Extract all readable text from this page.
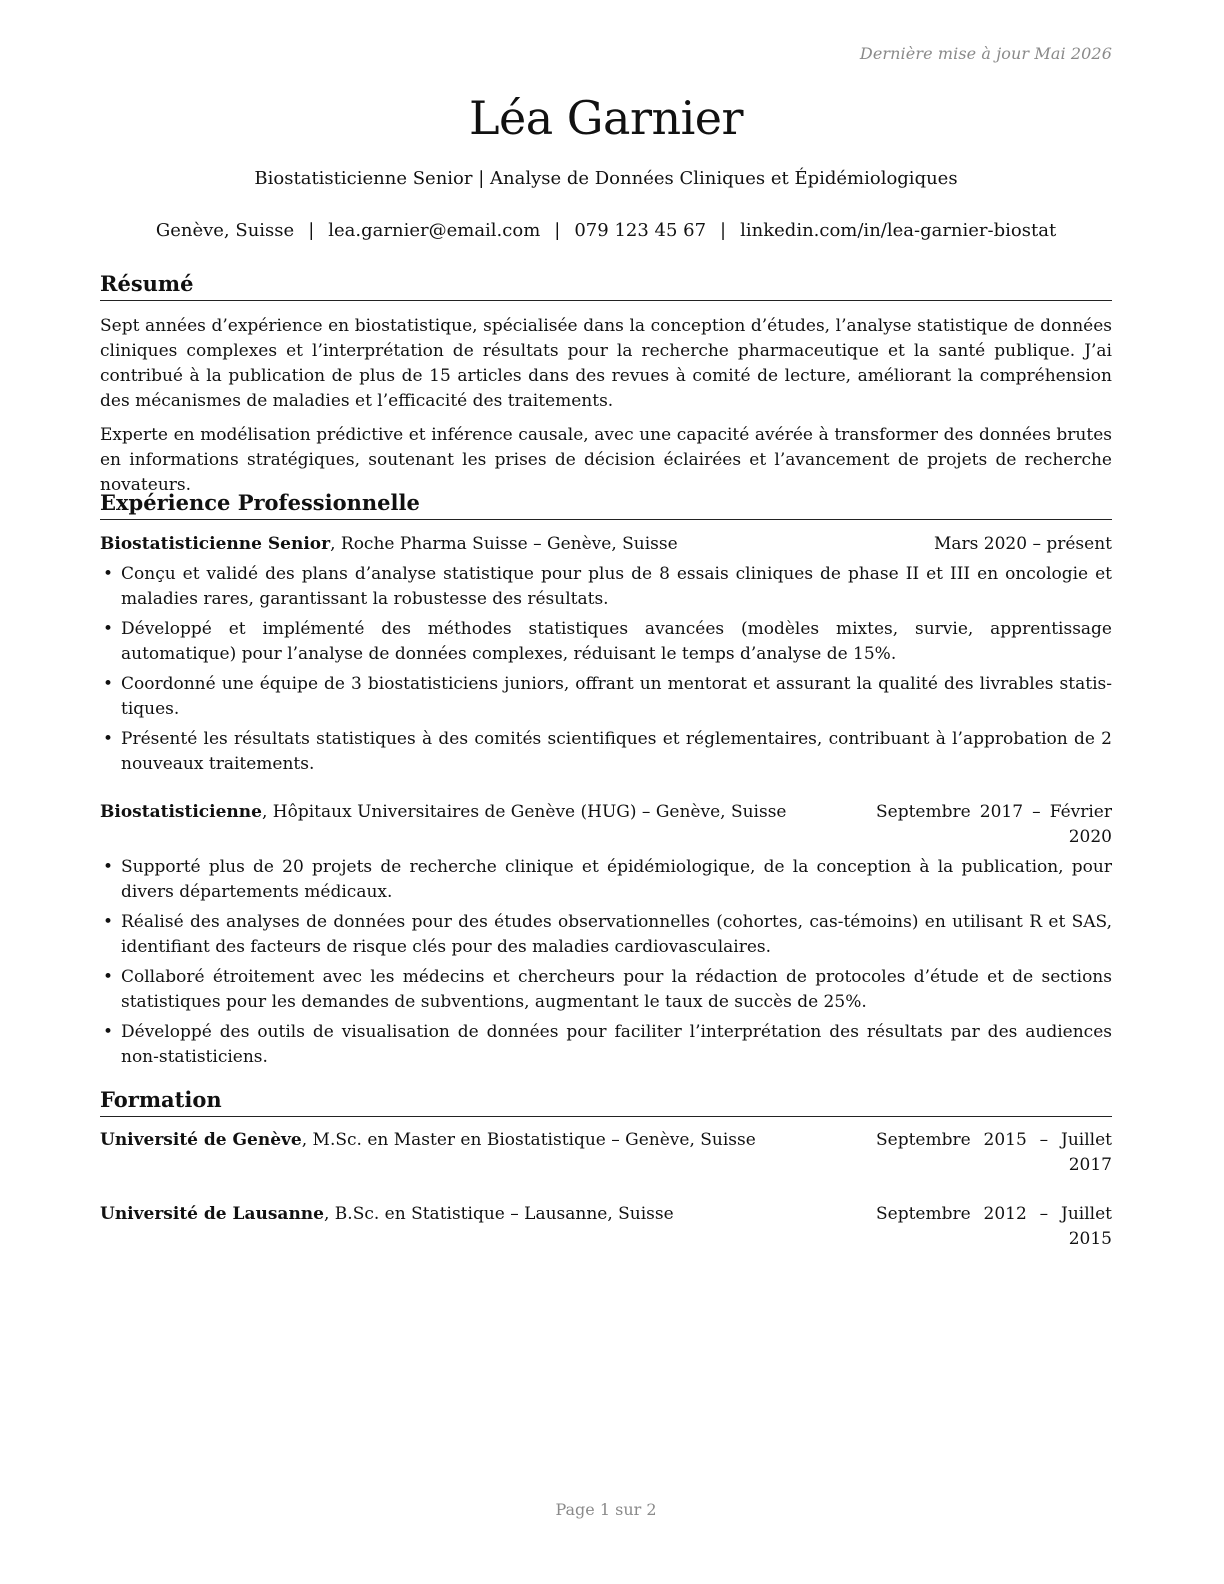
Dernière mise à jour Mai 2026
Léa Garnier
Biostatisticienne Senior | Analyse de Données Cliniques et Épidémiologiques
Genève, Suisse | lea.garnier@email.com | 079 123 45 67 | linkedin.com/in/lea-garnier-biostat
Résumé

Sept années d’expérience en biostatistique, spécialisée dans la conception d’études, l’analyse statistique de données cliniques complexes et l’interprétation de résultats pour la recherche pharmaceutique et la santé publique. J’ai contribué à la publication de plus de 15 articles dans des revues à comité de lecture, améliorant la compréhension des mécanismes de maladies et l’efficacité des traitements.

Experte en modélisation prédictive et inférence causale, avec une capacité avérée à transformer des données brutes en informations stratégiques, soutenant les prises de décision éclairées et l’avancement de projets de recherche novateurs.

Expérience Professionnelle
Biostatisticienne Senior, Roche Pharma Suisse – Genève, Suisse	Mars 2020 – présent
• Conçu et validé des plans d’analyse statistique pour plus de 8 essais cliniques de phase II et III en oncologie et maladies rares, garantissant la robustesse des résultats.
• Développé et implémenté des méthodes statistiques avancées (modèles mixtes, survie, apprentissage automatique) pour l’analyse de données complexes, réduisant le temps d’analyse de 15%.
• Coordonné une équipe de 3 biostatisticiens juniors, offrant un mentorat et assurant la qualité des livrables statistiques.
• Présenté les résultats statistiques à des comités scientifiques et réglementaires, contribuant à l’approbation de 2 nouveaux traitements.
Biostatisticienne, Hôpitaux Universitaires de Genève (HUG) – Genève, Suisse	Septembre 2017 – Février 2020
• Supporté plus de 20 projets de recherche clinique et épidémiologique, de la conception à la publication, pour divers départements médicaux.
• Réalisé des analyses de données pour des études observationnelles (cohortes, cas-témoins) en utilisant R et SAS, identifiant des facteurs de risque clés pour des maladies cardiovasculaires.
• Collaboré étroitement avec les médecins et chercheurs pour la rédaction de protocoles d’étude et de sections statistiques pour les demandes de subventions, augmentant le taux de succès de 25%.
• Développé des outils de visualisation de données pour faciliter l’interprétation des résultats par des audiences non-statisticiens.
Formation
Université de Genève, M.Sc. en Master en Biostatistique – Genève, Suisse	Septembre 2015 – Juillet 2017
Université de Lausanne, B.Sc. en Statistique – Lausanne, Suisse	Septembre 2012 – Juillet 2015
Page 1 sur 2
